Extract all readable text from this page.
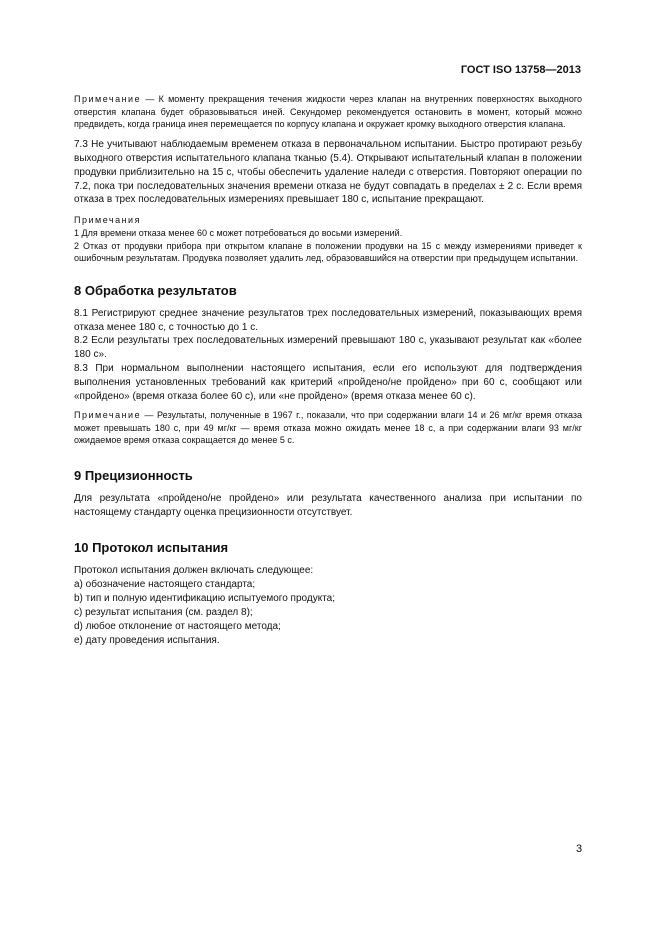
ГОСТ ISO 13758—2013

Примечание — К моменту прекращения течения жидкости через клапан на внутренних поверхностях выходного отверстия клапана будет образовываться иней. Секундомер рекомендуется остановить в момент, который можно предвидеть, когда граница инея перемещается по корпусу клапана и окружает кромку выходного отверстия клапана.

7.3 Не учитывают наблюдаемым временем отказа в первоначальном испытании. Быстро протирают резьбу выходного отверстия испытательного клапана тканью (5.4). Открывают испытательный клапан в положении продувки приблизительно на 15 с, чтобы обеспечить удаление наледи с отверстия. Повторяют операции по 7.2, пока три последовательных значения времени отказа не будут совпадать в пределах ± 2 с. Если время отказа в трех последовательных измерениях превышает 180 с, испытание прекращают.

Примечания

1 Для времени отказа менее 60 с может потребоваться до восьми измерений.

2 Отказ от продувки прибора при открытом клапане в положении продувки на 15 с между измерениями приведет к ошибочным результатам. Продувка позволяет удалить лед, образовавшийся на отверстии при предыдущем испытании.

8 Обработка результатов

8.1 Регистрируют среднее значение результатов трех последовательных измерений, показывающих время отказа менее 180 с, с точностью до 1 с.

8.2 Если результаты трех последовательных измерений превышают 180 с, указывают результат как «более 180 с».

8.3 При нормальном выполнении настоящего испытания, если его используют для подтверждения выполнения установленных требований как критерий «пройдено/не пройдено» при 60 с, сообщают или «пройдено» (время отказа более 60 с), или «не пройдено» (время отказа менее 60 с).

Примечание — Результаты, полученные в 1967 г., показали, что при содержании влаги 14 и 26 мг/кг время отказа может превышать 180 с, при 49 мг/кг — время отказа можно ожидать менее 18 с, а при содержании влаги 93 мг/кг ожидаемое время отказа сокращается до менее 5 с.

9 Прецизионность

Для результата «пройдено/не пройдено» или результата качественного анализа при испытании по настоящему стандарту оценка прецизионности отсутствует.

10 Протокол испытания

Протокол испытания должен включать следующее:

a) обозначение настоящего стандарта;

b) тип и полную идентификацию испытуемого продукта;

c) результат испытания (см. раздел 8);

d) любое отклонение от настоящего метода;

e) дату проведения испытания.

3
